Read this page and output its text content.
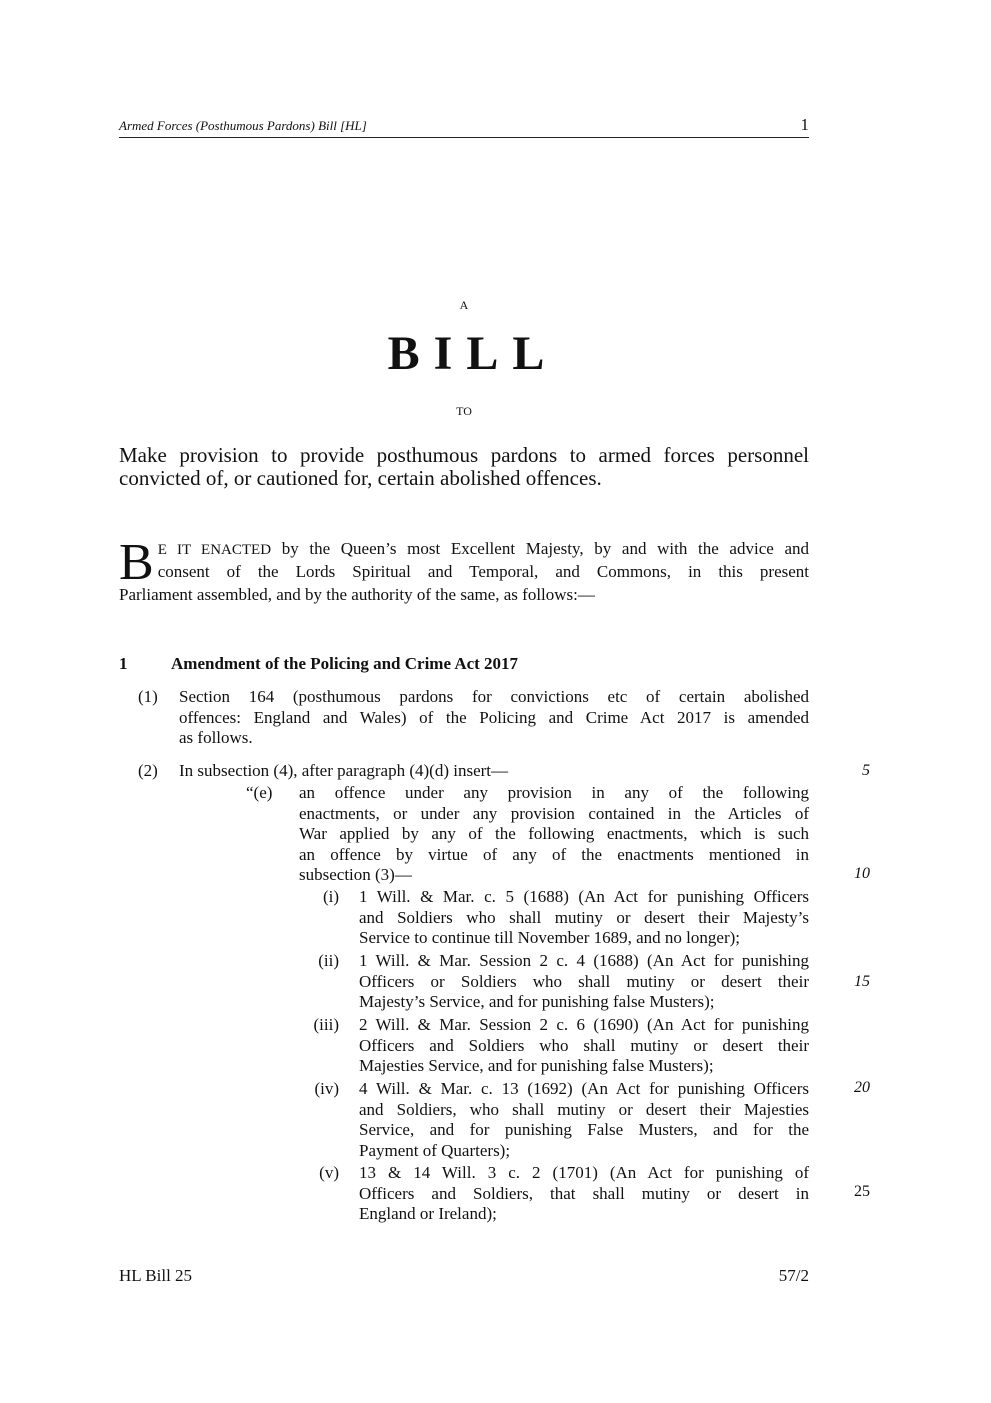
Armed Forces (Posthumous Pardons) Bill [HL]	1
A
BILL
TO
Make provision to provide posthumous pardons to armed forces personnel convicted of, or cautioned for, certain abolished offences.
B E IT ENACTED by the Queen’s most Excellent Majesty, by and with the advice and
consent of the Lords Spiritual and Temporal, and Commons, in this present
Parliament assembled, and by the authority of the same, as follows:—
1	Amendment of the Policing and Crime Act 2017
(1) Section 164 (posthumous pardons for convictions etc of certain abolished
offences: England and Wales) of the Policing and Crime Act 2017 is amended
as follows.
(2) In subsection (4), after paragraph (4)(d) insert—
“(e) an offence under any provision in any of the following
enactments, or under any provision contained in the Articles of
War applied by any of the following enactments, which is such
an offence by virtue of any of the enactments mentioned in
subsection (3)—
(i) 1 Will. & Mar. c. 5 (1688) (An Act for punishing Officers
and Soldiers who shall mutiny or desert their Majesty’s
Service to continue till November 1689, and no longer);
(ii) 1 Will. & Mar. Session 2 c. 4 (1688) (An Act for punishing
Officers or Soldiers who shall mutiny or desert their
Majesty’s Service, and for punishing false Musters);
(iii) 2 Will. & Mar. Session 2 c. 6 (1690) (An Act for punishing
Officers and Soldiers who shall mutiny or desert their
Majesties Service, and for punishing false Musters);
(iv) 4 Will. & Mar. c. 13 (1692) (An Act for punishing Officers
and Soldiers, who shall mutiny or desert their Majesties
Service, and for punishing False Musters, and for the
Payment of Quarters);
(v) 13 & 14 Will. 3 c. 2 (1701) (An Act for punishing of
Officers and Soldiers, that shall mutiny or desert in
England or Ireland);
5
10
15
20
25
HL Bill 25	57/2
